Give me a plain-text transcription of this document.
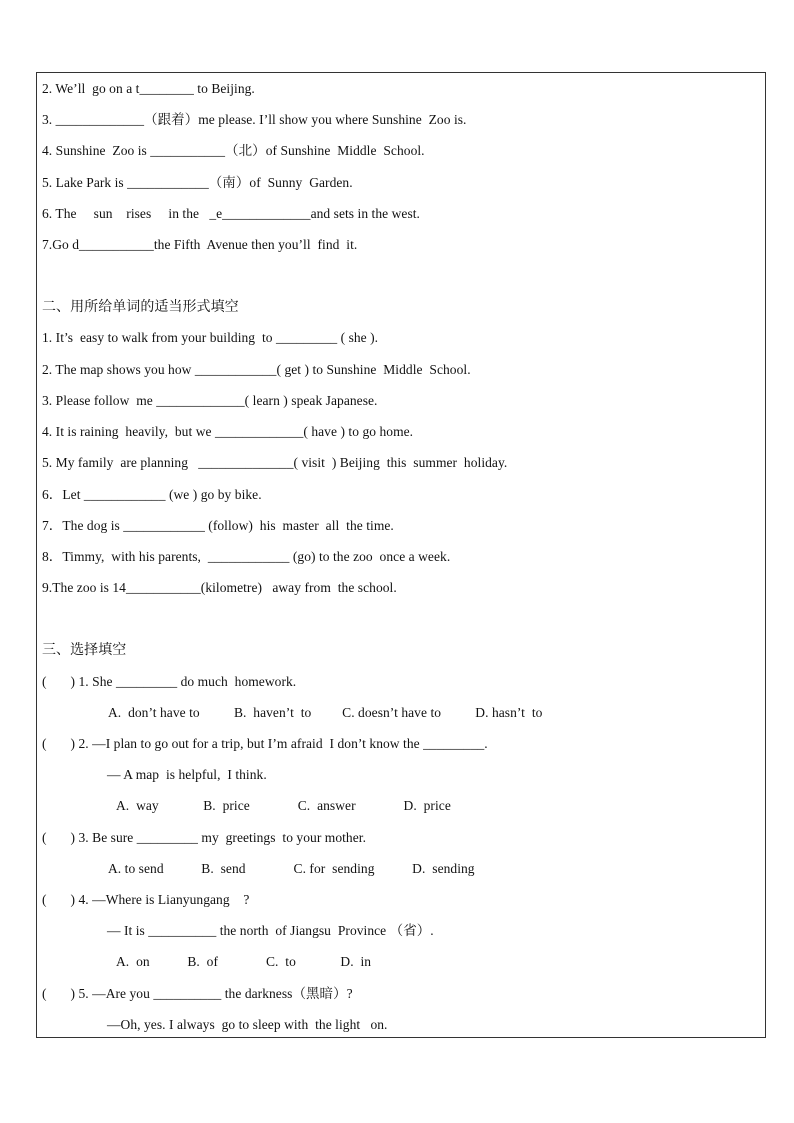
2. We’ll  go on a t________ to Beijing.
3. _____________（跟着）me please. I’ll show you where Sunshine  Zoo is.
4. Sunshine  Zoo is ___________（北）of Sunshine  Middle  School.
5. Lake Park is ____________（南）of  Sunny  Garden.
6. The     sun    rises     in the   _e_____________and sets in the west.
7.Go d___________the Fifth  Avenue then you’ll  find  it.
二、用所给单词的适当形式填空
1. It’s  easy to walk from your building  to _________ ( she ).
2. The map shows you how ____________( get ) to Sunshine  Middle  School.
3. Please follow  me _____________( learn ) speak Japanese.
4. It is raining  heavily,  but we _____________( have ) to go home.
5. My family  are planning   ______________( visit  ) Beijing  this  summer  holiday.
6．Let ____________ (we ) go by bike.
7．The dog is ____________ (follow)  his  master  all  the time.
8．Timmy,  with his parents,  ____________ (go) to the zoo  once a week.
9.The zoo is 14___________(kilometre)   away from  the school.
三、选择填空
(       ) 1. She _________ do much  homework.
A.  don’t have to          B.  haven’t  to         C. doesn’t have to          D. hasn’t  to
(       ) 2. —I plan to go out for a trip, but I’m afraid  I don’t know the _________.
— A map  is helpful,  I think.
A.  way             B.  price              C.  answer              D.  price
(       ) 3. Be sure _________ my  greetings  to your mother.
A. to send           B.  send              C. for  sending           D.  sending
(       ) 4. —Where is Lianyungang    ?
— It is __________ the north  of Jiangsu  Province （省）.
A.  on           B.  of              C.  to             D.  in
(       ) 5. —Are you __________ the darkness（黑暗）?
—Oh, yes. I always  go to sleep with  the light   on.
